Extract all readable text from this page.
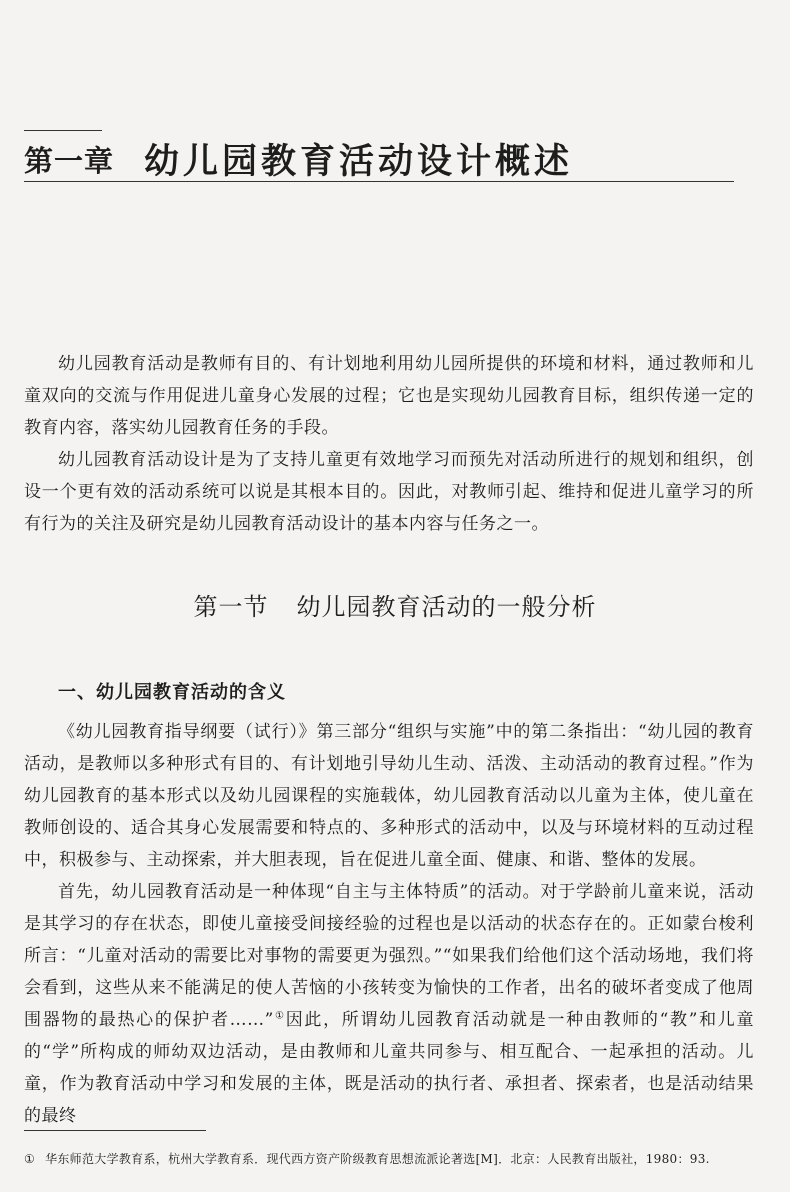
第一章 幼儿园教育活动设计概述

幼儿园教育活动是教师有目的、有计划地利用幼儿园所提供的环境和材料，通过教师和儿童双向的交流与作用促进儿童身心发展的过程；它也是实现幼儿园教育目标，组织传递一定的教育内容，落实幼儿园教育任务的手段。

幼儿园教育活动设计是为了支持儿童更有效地学习而预先对活动所进行的规划和组织，创设一个更有效的活动系统可以说是其根本目的。因此，对教师引起、维持和促进儿童学习的所有行为的关注及研究是幼儿园教育活动设计的基本内容与任务之一。

第一节 幼儿园教育活动的一般分析
一、幼儿园教育活动的含义

《幼儿园教育指导纲要（试行）》第三部分“组织与实施”中的第二条指出：“幼儿园的教育活动，是教师以多种形式有目的、有计划地引导幼儿生动、活泼、主动活动的教育过程。”作为幼儿园教育的基本形式以及幼儿园课程的实施载体，幼儿园教育活动以儿童为主体，使儿童在教师创设的、适合其身心发展需要和特点的、多种形式的活动中，以及与环境材料的互动过程中，积极参与、主动探索，并大胆表现，旨在促进儿童全面、健康、和谐、整体的发展。

首先，幼儿园教育活动是一种体现“自主与主体特质”的活动。对于学龄前儿童来说，活动是其学习的存在状态，即使儿童接受间接经验的过程也是以活动的状态存在的。正如蒙台梭利所言：“儿童对活动的需要比对事物的需要更为强烈。”“如果我们给他们这个活动场地，我们将会看到，这些从来不能满足的使人苦恼的小孩转变为愉快的工作者，出名的破坏者变成了他周围器物的最热心的保护者……”①因此，所谓幼儿园教育活动就是一种由教师的“教”和儿童的“学”所构成的师幼双边活动，是由教师和儿童共同参与、相互配合、一起承担的活动。儿童，作为教育活动中学习和发展的主体，既是活动的执行者、承担者、探索者，也是活动结果的最终

① 华东师范大学教育系，杭州大学教育系．现代西方资产阶级教育思想流派论著选[M]．北京：人民教育出版社，1980：93.
